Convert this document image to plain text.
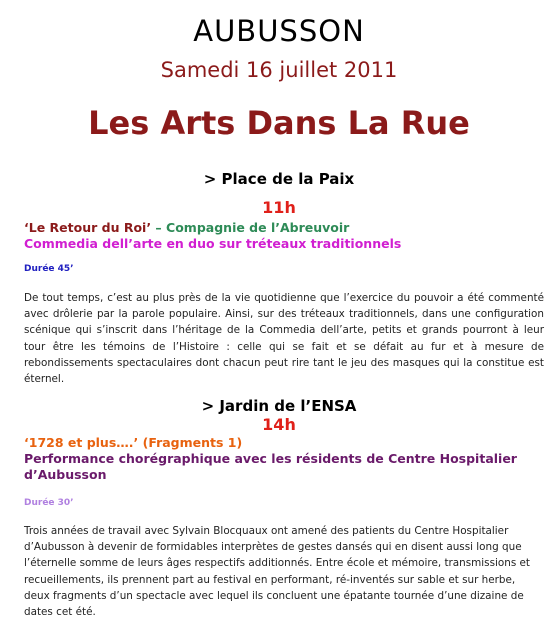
AUBUSSON
Samedi 16 juillet 2011
Les Arts Dans La Rue
> Place de la Paix
11h
‘Le Retour du Roi’ – Compagnie de l’Abreuvoir
Commedia dell’arte en duo sur tréteaux traditionnels
Durée 45’
De tout temps, c’est au plus près de la vie quotidienne que l’exercice du pouvoir a été commenté avec drôlerie par la parole populaire. Ainsi, sur des tréteaux traditionnels, dans une configuration scénique qui s’inscrit dans l’héritage de la Commedia dell’arte, petits et grands pourront à leur tour être les témoins de l’Histoire : celle qui se fait et se défait au fur et à mesure de rebondissements spectaculaires dont chacun peut rire tant le jeu des masques qui la constitue est éternel.
> Jardin de l’ENSA
14h
‘1728 et plus….’ (Fragments 1)
Performance chorégraphique avec les résidents de Centre Hospitalier
d’Aubusson
Durée 30’
Trois années de travail avec Sylvain Blocquaux ont amené des patients du Centre Hospitalier
d’Aubusson à devenir de formidables interprètes de gestes dansés qui en disent aussi long que
l’éternelle somme de leurs âges respectifs additionnés. Entre école et mémoire, transmissions et
recueillements, ils prennent part au festival en performant, ré-inventés sur sable et sur herbe,
deux fragments d’un spectacle avec lequel ils concluent une épatante tournée d’une dizaine de
dates cet été.
